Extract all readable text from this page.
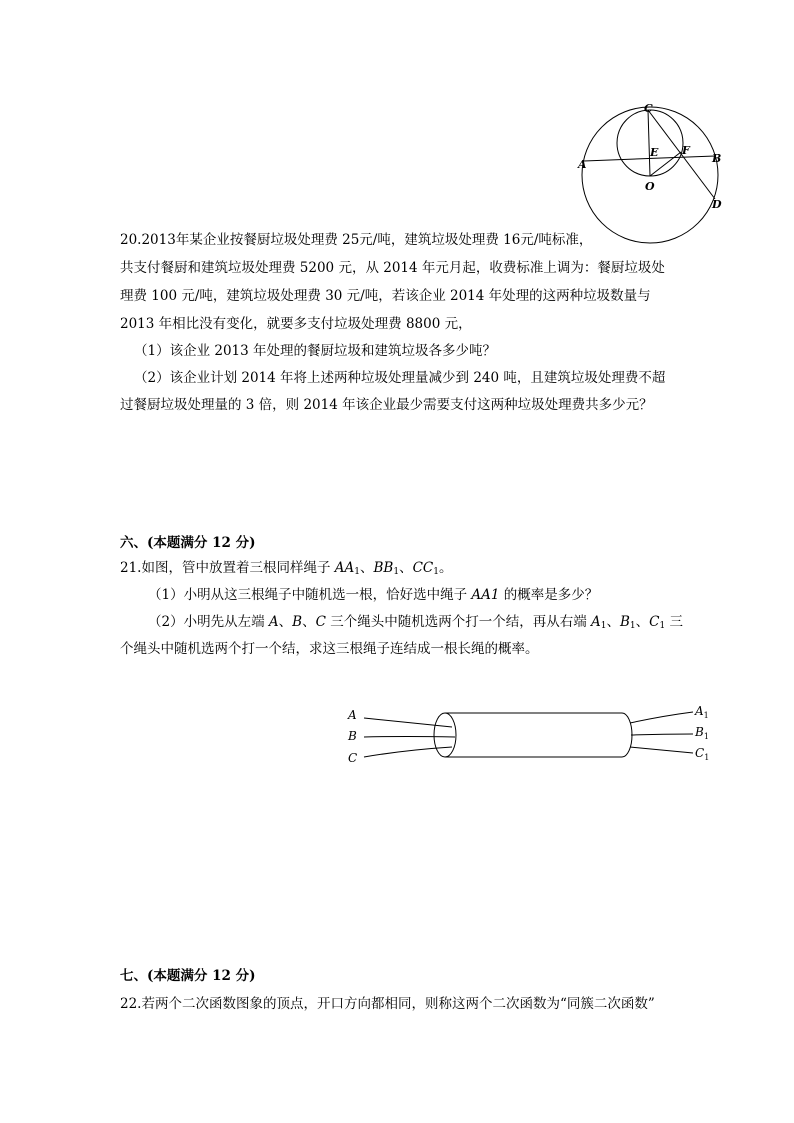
C
E F
B
A
O
D
20.2013年某企业按餐厨垃圾处理费 25元/吨，建筑垃圾处理费 16元/吨标准，
共支付餐厨和建筑垃圾处理费 5200 元，从 2014 年元月起，收费标准上调为：餐厨垃圾处
理费 100 元/吨，建筑垃圾处理费 30 元/吨，若该企业 2014 年处理的这两种垃圾数量与
2013 年相比没有变化，就要多支付垃圾处理费 8800 元，
（1）该企业 2013 年处理的餐厨垃圾和建筑垃圾各多少吨？
（2）该企业计划 2014 年将上述两种垃圾处理量减少到 240 吨，且建筑垃圾处理费不超
过餐厨垃圾处理量的 3 倍，则 2014 年该企业最少需要支付这两种垃圾处理费共多少元？
六、(本题满分 12 分)
21.如图，管中放置着三根同样绳子 $AA_1$、$BB_1$、$CC_1$。
（1）小明从这三根绳子中随机选一根，恰好选中绳子 AA1 的概率是多少？
（2）小明先从左端 A、B、C 三个绳头中随机选两个打一个结，再从右端 $A_1$、$B_1$、$C_1$ 三
个绳头中随机选两个打一个结，求这三根绳子连结成一根长绳的概率。
A
B
C
$A_1$
$B_1$
$C_1$
七、(本题满分 12 分)
22.若两个二次函数图象的顶点，开口方向都相同，则称这两个二次函数为“同簇二次函数”
